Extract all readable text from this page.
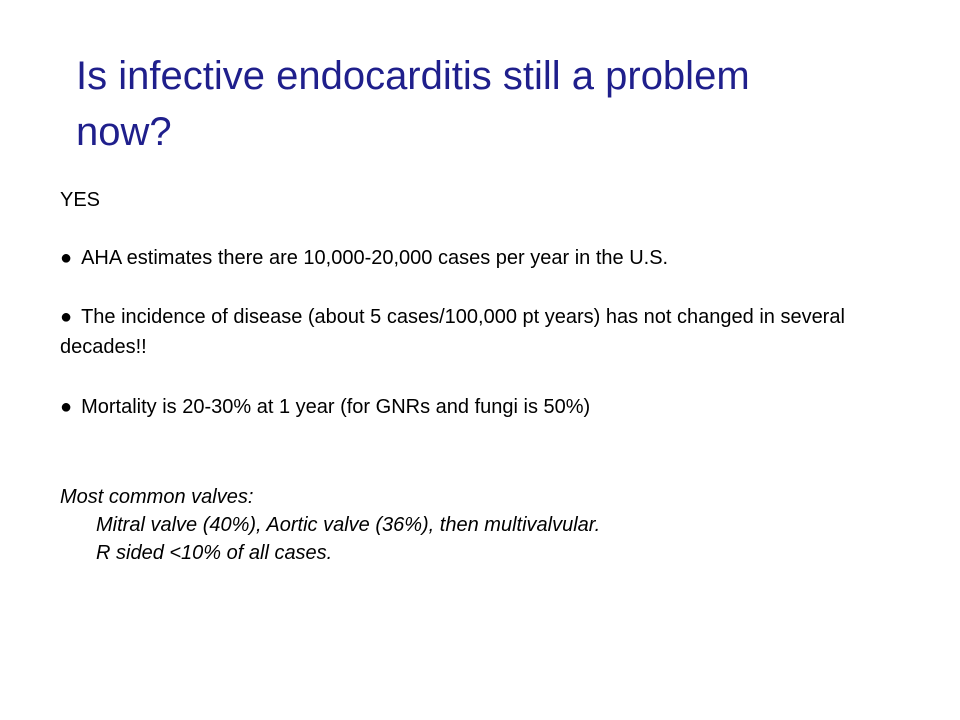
Is infective endocarditis still a problem now?
YES
● AHA estimates there are 10,000-20,000 cases per year in the U.S.
● The incidence of disease (about 5 cases/100,000 pt years) has not changed in several decades!!
● Mortality is 20-30% at 1 year (for GNRs and fungi is 50%)
Most common valves:
Mitral valve (40%), Aortic valve (36%), then multivalvular.
R sided <10% of all cases.
